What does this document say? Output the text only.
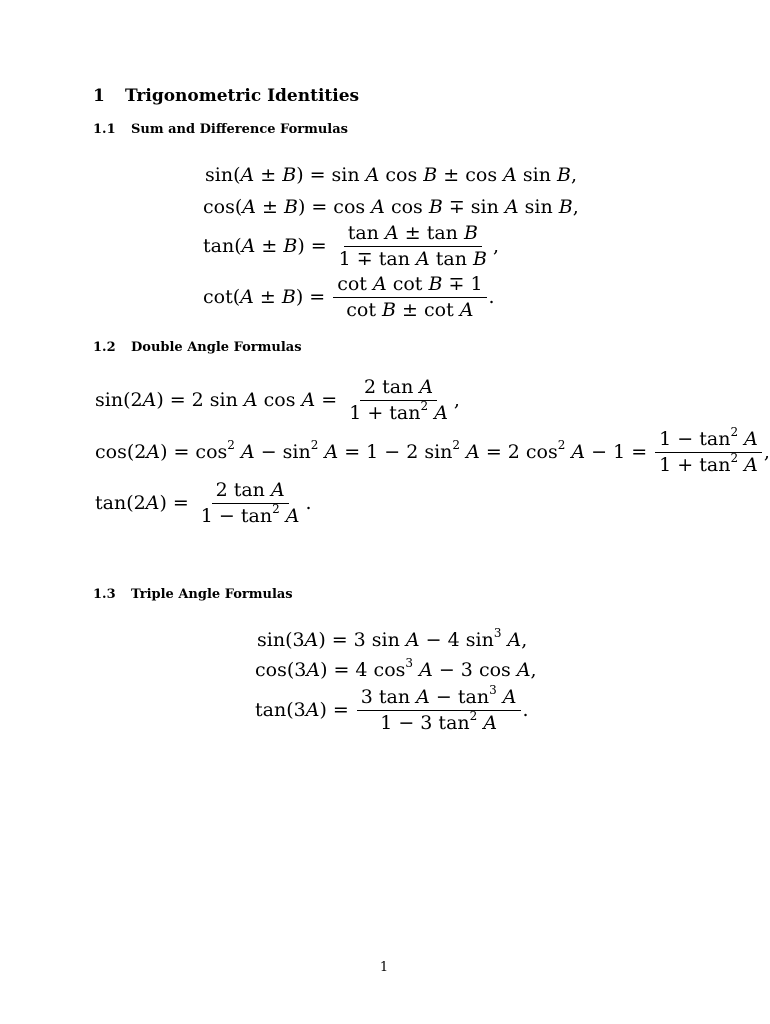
1 Trigonometric Identities
1.1 Sum and Difference Formulas
sin(A ± B) = sin A cos B ± cos A sin B,
cos(A ± B) = cos A cos B ∓ sin A sin B,
$\tan(A \pm B) = \frac{\text{tan A ± tan B}}{\text{1 ∓ tan A tan B}}$ ,
$\cot(A \pm B) = \frac{\text{cot A cot B ∓ 1}}{\text{cot B ± cot A}}$ .
1.2 Double Angle Formulas
sin(2A) = 2 sin A $\cos A = \frac{\text{2 tan A}}{1 + \tan^2 A}$ ,
$\cos(2A) = \cos^2 A - \sin^2 A = 1 - 2$ $\sin^2 A = 2$ $\cos^2 A - 1 = \frac{1 - \tan^2 A}{1 + \tan^2 A}$ ,
$\tan(2A) = \frac{\text{2 tan A}}{1 - \tan^2 A}$ .
1.3 Triple Angle Formulas
sin(3A) = 3 sin A − 4 $\sin^3 A$,
cos(3A) = 4 $\cos^3 A - 3$ cos A,
$\tan(3A) = \frac{3 \tan A - \tan^3 A}{1 - 3 \tan^2 A}$ .
1
